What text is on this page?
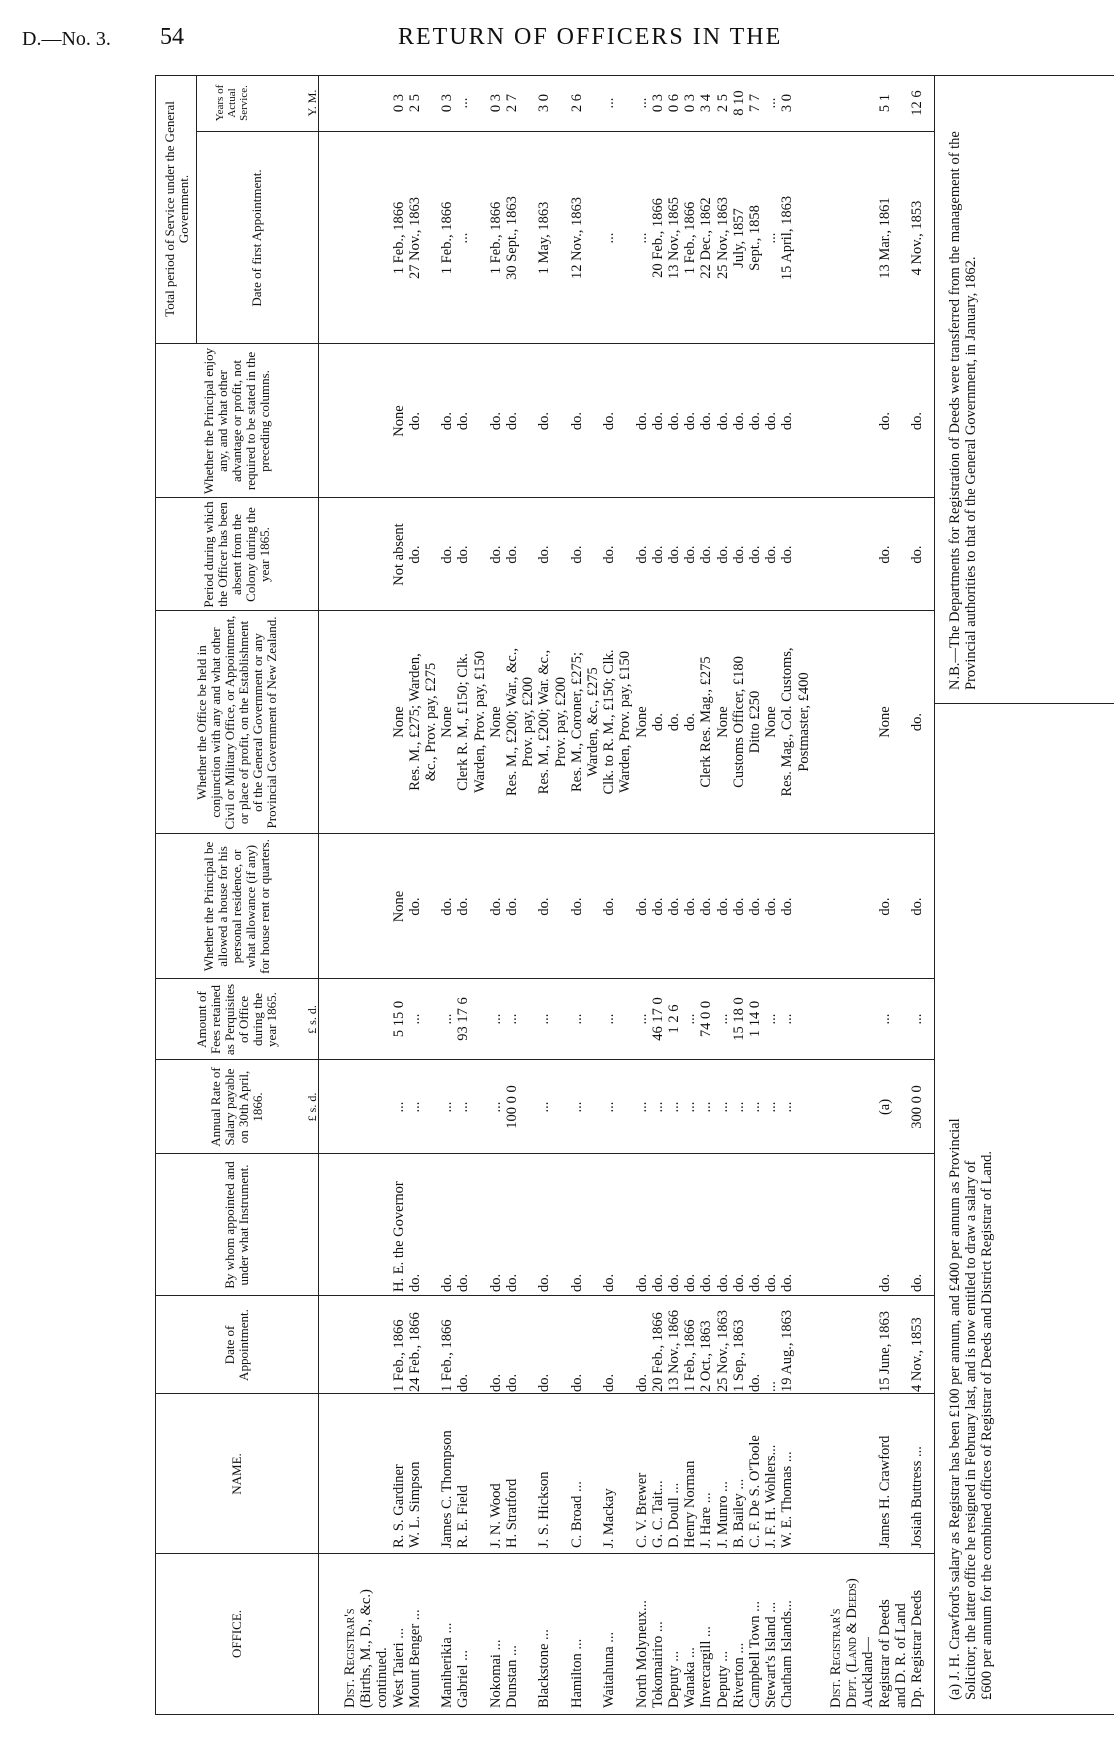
D.—No. 3. 54	RETURN OF OFFICERS IN THE
OFFICE.
NAME.
Date of Appointment.
By whom appointed and under what Instrument.
Annual Rate of Salary payable on 30th April, 1866.
Amount of Fees retained as Perquisites of Office during the year 1865.
Whether the Principal be allowed a house for his personal residence, or what allowance (if any) for house rent or quarters.
Whether the Office be held in conjunction with any and what other Civil or Military Office, or Appointment, or place of profit, on the Establishment of the General Government or any Provincial Government of New Zealand.
Period during which the Officer has been absent from the Colony during the year 1865.
Whether the Principal enjoy any, and what other advantage or profit, not required to be stated in the preceding columns.
Total period of Service under the General Government.	Date of first Appointment.
Years of Actual Service.
£ s. d.
£ s. d.
Y. M.
Dist. Registrar's (Births, M., D., &c.) continued. West Taieri ...
R. S. Gardiner
1 Feb., 1866
H. E. the Governor
...
5 15 0
None
None
Not absent
None
1 Feb., 1866
0 3
Mount Benger ...
W. L. Simpson
24 Feb., 1866
do.
...
...
do.
Res. M., £275; Warden,
do.
do.
27 Nov., 1863
2 5
&c., Prov. pay, £275
Maniherikia ...
James C. Thompson
1 Feb., 1866
do.
...
...
do.
None
do.
do.
1 Feb., 1866
0 3
Gabriel ...
R. E. Field
do.
do.
...
93 17 6
do.
Clerk R. M., £150; Clk.
do.
do.
...
...
Warden, Prov. pay, £150
Nokomai ...
J. N. Wood
do.
do.
...
...
do.
None
do.
do.
1 Feb., 1866
0 3
Dunstan ...
H. Stratford
do.
do.
100 0 0
...
do.
Res. M., £200; War., &c.,
do.
do.
30 Sept., 1863
2 7
Prov. pay, £200
Blackstone ...
J. S. Hickson
do.
do.
...
...
do.
Res. M., £200; War. &c.,
do.
do.
1 May, 1863
3 0
Prov. pay, £200
Hamilton ...
C. Broad ...
do.
do.
...
...
do.
Res. M., Coroner, £275;
do.
do.
12 Nov., 1863
2 6
Warden, &c., £275
Waitahuna ...
J. Mackay
do.
do.
...
...
do.
Clk. to R. M., £150; Clk.
do.
do.
...
...
Warden, Prov. pay, £150
North Molyneux...
C. V. Brewer
do.
do.
...
...
do.
None
do.
do.
...
...
Tokomairiro ...
G. C. Tait...
20 Feb., 1866
do.
...
46 17 0
do.
do.
do.
do.
20 Feb., 1866
0 3
Deputy ...
D. Doull ...
13 Nov., 1866
do.
...
1 2 6
do.
do.
do.
do.
13 Nov., 1865
0 6
Wanaka ...
Henry Norman
1 Feb., 1866
do.
...
...
do.
do.
do.
do.
1 Feb., 1866
0 3
Invercargill ...
J. Hare ...
2 Oct., 1863
do.
...
74 0 0
do.
Clerk Res. Mag., £275
do.
do.
22 Dec., 1862
3 4
Deputy ...
J. Munro ...
25 Nov., 1863
do.
...
...
do.
None
do.
do.
25 Nov., 1863
2 5
Riverton ...
B. Bailey ...
1 Sep., 1863
do.
...
15 18 0
do.
Customs Officer, £180
do.
do.
July, 1857
8 10
Campbell Town ...
C. F. De S. O'Toole
do.
do.
...
1 14 0
do.
Ditto £250
do.
do.
Sept., 1858
7 7
Stewart's Island ...
J. F. H. Wohlers...
...
do.
...
...
do.
None
do.
do.
...
...
Chatham Islands...
W. E. Thomas ...
19 Aug., 1863
do.
...
...
do.
Res. Mag., Col. Customs,
do.
do.
15 April, 1863
3 0
Postmaster, £400
Dist. Registrar's Dept. (Land & Deeds) Auckland— Registrar of Deeds
James H. Crawford
15 June, 1863
do.
(a)
...
do.
None
do.
do.
13 Mar., 1861
5 1
and D. R. of Land Dp. Registrar Deeds
Josiah Buttress ...
4 Nov., 1853
do.
300 0 0
...
do.
do.
do.
do.
4 Nov., 1853
12 6
(a) J. H. Crawford's salary as Registrar has been £100 per annum, and £400 per annum as Provincial Solicitor; the latter office he resigned in February last, and is now entitled to draw a salary of £600 per annum for the combined offices of Registrar of Deeds and District Registrar of Land.
N.B.—The Departments for Registration of Deeds were transferred from the management of the Provincial authorities to that of the General Government, in January, 1862.
